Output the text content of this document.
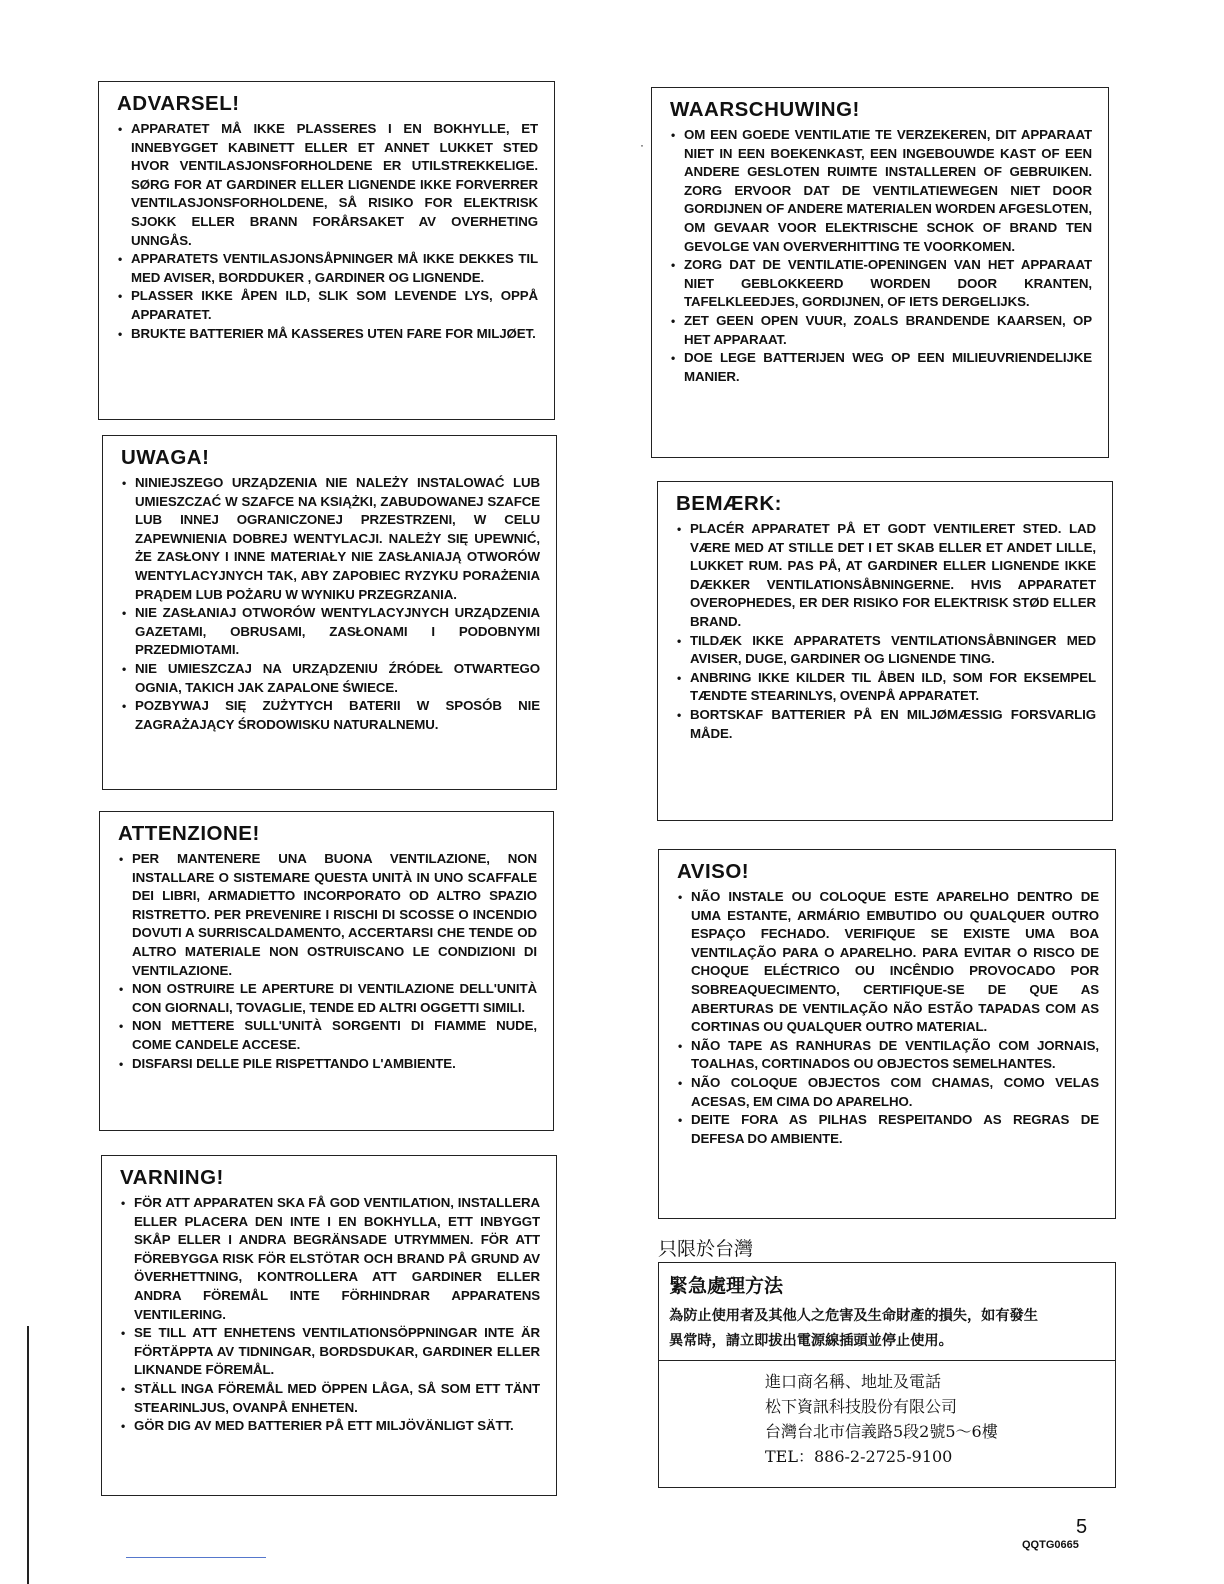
ADVARSEL!
• APPARATET MÅ IKKE PLASSERES I EN BOKHYLLE, ET INNEBYGGET KABINETT ELLER ET ANNET LUKKET STED HVOR VENTILASJONSFORHOLDENE ER UTILSTREKKELIGE. SØRG FOR AT GARDINER ELLER LIGNENDE IKKE FORVERRER VENTILASJONSFORHOLDENE, SÅ RISIKO FOR ELEKTRISK SJOKK ELLER BRANN FORÅRSAKET AV OVERHETING UNNGÅS.
• APPARATETS VENTILASJONSÅPNINGER MÅ IKKE DEKKES TIL MED AVISER, BORDDUKER , GARDINER OG LIGNENDE.
• PLASSER IKKE ÅPEN ILD, SLIK SOM LEVENDE LYS, OPPÅ APPARATET.
• BRUKTE BATTERIER MÅ KASSERES UTEN FARE FOR MILJØET.
UWAGA!
• NINIEJSZEGO URZĄDZENIA NIE NALEŻY INSTALOWAĆ LUB UMIESZCZAĆ W SZAFCE NA KSIĄŻKI, ZABUDOWANEJ SZAFCE LUB INNEJ OGRANICZONEJ PRZESTRZENI, W CELU ZAPEWNIENIA DOBREJ WENTYLACJI. NALEŻY SIĘ UPEWNIĆ, ŻE ZASŁONY I INNE MATERIAŁY NIE ZASŁANIAJĄ OTWORÓW WENTYLACYJNYCH TAK, ABY ZAPOBIEC RYZYKU PORAŻENIA PRĄDEM LUB POŻARU W WYNIKU PRZEGRZANIA.
• NIE ZASŁANIAJ OTWORÓW WENTYLACYJNYCH URZĄDZENIA GAZETAMI, OBRUSAMI, ZASŁONAMI I PODOBNYMI PRZEDMIOTAMI.
• NIE UMIESZCZAJ NA URZĄDZENIU ŹRÓDEŁ OTWARTEGO OGNIA, TAKICH JAK ZAPALONE ŚWIECE.
• POZBYWAJ SIĘ ZUŻYTYCH BATERII W SPOSÓB NIE ZAGRAŻAJĄCY ŚRODOWISKU NATURALNEMU.
ATTENZIONE!
• PER MANTENERE UNA BUONA VENTILAZIONE, NON INSTALLARE O SISTEMARE QUESTA UNITÀ IN UNO SCAFFALE DEI LIBRI, ARMADIETTO INCORPORATO OD ALTRO SPAZIO RISTRETTO. PER PREVENIRE I RISCHI DI SCOSSE O INCENDIO DOVUTI A SURRISCALDAMENTO, ACCERTARSI CHE TENDE OD ALTRO MATERIALE NON OSTRUISCANO LE CONDIZIONI DI VENTILAZIONE.
• NON OSTRUIRE LE APERTURE DI VENTILAZIONE DELL'UNITÀ CON GIORNALI, TOVAGLIE, TENDE ED ALTRI OGGETTI SIMILI.
• NON METTERE SULL'UNITÀ SORGENTI DI FIAMME NUDE, COME CANDELE ACCESE.
• DISFARSI DELLE PILE RISPETTANDO L'AMBIENTE.
VARNING!
• FÖR ATT APPARATEN SKA FÅ GOD VENTILATION, INSTALLERA ELLER PLACERA DEN INTE I EN BOKHYLLA, ETT INBYGGT SKÅP ELLER I ANDRA BEGRÄNSADE UTRYMMEN. FÖR ATT FÖREBYGGA RISK FÖR ELSTÖTAR OCH BRAND PÅ GRUND AV ÖVERHETTNING, KONTROLLERA ATT GARDINER ELLER ANDRA FÖREMÅL INTE FÖRHINDRAR APPARATENS VENTILERING.
• SE TILL ATT ENHETENS VENTILATIONSÖPPNINGAR INTE ÄR FÖRTÄPPTA AV TIDNINGAR, BORDSDUKAR, GARDINER ELLER LIKNANDE FÖREMÅL.
• STÄLL INGA FÖREMÅL MED ÖPPEN LÅGA, SÅ SOM ETT TÄNT STEARINLJUS, OVANPÅ ENHETEN.
• GÖR DIG AV MED BATTERIER PÅ ETT MILJÖVÄNLIGT SÄTT.
WAARSCHUWING!
• OM EEN GOEDE VENTILATIE TE VERZEKEREN, DIT APPARAAT NIET IN EEN BOEKENKAST, EEN INGEBOUWDE KAST OF EEN ANDERE GESLOTEN RUIMTE INSTALLEREN OF GEBRUIKEN. ZORG ERVOOR DAT DE VENTILATIEWEGEN NIET DOOR GORDIJNEN OF ANDERE MATERIALEN WORDEN AFGESLOTEN, OM GEVAAR VOOR ELEKTRISCHE SCHOK OF BRAND TEN GEVOLGE VAN OVERVERHITTING TE VOORKOMEN.
• ZORG DAT DE VENTILATIE-OPENINGEN VAN HET APPARAAT NIET GEBLOKKEERD WORDEN DOOR KRANTEN, TAFELKLEEDJES, GORDIJNEN, OF IETS DERGELIJKS.
• ZET GEEN OPEN VUUR, ZOALS BRANDENDE KAARSEN, OP HET APPARAAT.
• DOE LEGE BATTERIJEN WEG OP EEN MILIEUVRIENDELIJKE MANIER.
BEMÆRK:
• PLACÉR APPARATET PÅ ET GODT VENTILERET STED. LAD VÆRE MED AT STILLE DET I ET SKAB ELLER ET ANDET LILLE, LUKKET RUM. PAS PÅ, AT GARDINER ELLER LIGNENDE IKKE DÆKKER VENTILATIONSÅBNINGERNE. HVIS APPARATET OVEROPHEDES, ER DER RISIKO FOR ELEKTRISK STØD ELLER BRAND.
• TILDÆK IKKE APPARATETS VENTILATIONSÅBNINGER MED AVISER, DUGE, GARDINER OG LIGNENDE TING.
• ANBRING IKKE KILDER TIL ÅBEN ILD, SOM FOR EKSEMPEL TÆNDTE STEARINLYS, OVENPÅ APPARATET.
• BORTSKAF BATTERIER PÅ EN MILJØMÆSSIG FORSVARLIG MÅDE.
AVISO!
• NÃO INSTALE OU COLOQUE ESTE APARELHO DENTRO DE UMA ESTANTE, ARMÁRIO EMBUTIDO OU QUALQUER OUTRO ESPAÇO FECHADO. VERIFIQUE SE EXISTE UMA BOA VENTILAÇÃO PARA O APARELHO. PARA EVITAR O RISCO DE CHOQUE ELÉCTRICO OU INCÊNDIO PROVOCADO POR SOBREAQUECIMENTO, CERTIFIQUE-SE DE QUE AS ABERTURAS DE VENTILAÇÃO NÃO ESTÃO TAPADAS COM AS CORTINAS OU QUALQUER OUTRO MATERIAL.
• NÃO TAPE AS RANHURAS DE VENTILAÇÃO COM JORNAIS, TOALHAS, CORTINADOS OU OBJECTOS SEMELHANTES.
• NÃO COLOQUE OBJECTOS COM CHAMAS, COMO VELAS ACESAS, EM CIMA DO APARELHO.
• DEITE FORA AS PILHAS RESPEITANDO AS REGRAS DE DEFESA DO AMBIENTE.
只限於台灣
緊急處理方法
為防止使用者及其他人之危害及生命財產的損失，如有發生
異常時，請立即拔出電源線插頭並停止使用。
進口商名稱、地址及電話
松下資訊科技股份有限公司
台灣台北市信義路5段2號5～6樓
TEL：886-2-2725-9100
5
QQTG0665
·
